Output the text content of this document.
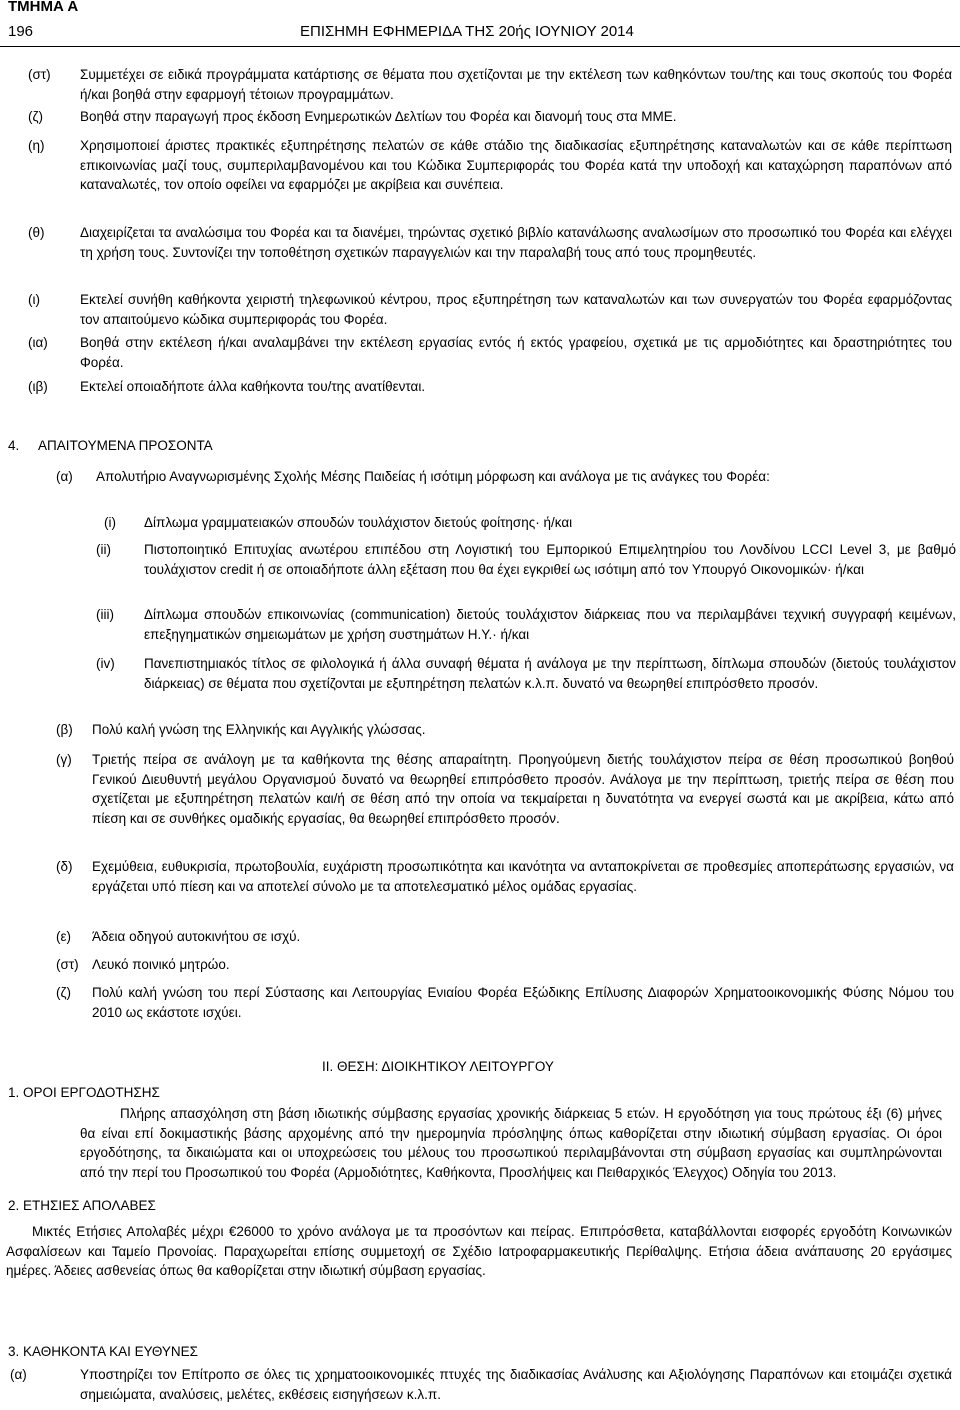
ΤΜΗΜΑ Α
196	ΕΠΙΣΗΜΗ ΕΦΗΜΕΡΙΔΑ ΤΗΣ 20ής ΙΟΥΝΙΟΥ 2014
(στ) Συμμετέχει σε ειδικά προγράμματα κατάρτισης σε θέματα που σχετίζονται με την εκτέλεση των καθηκόντων του/της και τους σκοπούς του Φορέα ή/και βοηθά στην εφαρμογή τέτοιων προγραμμάτων.

(ζ)	Βοηθά στην παραγωγή προς έκδοση Ενημερωτικών Δελτίων του Φορέα και διανομή τους στα ΜΜΕ.

(η)	Χρησιμοποιεί άριστες πρακτικές εξυπηρέτησης πελατών σε κάθε στάδιο της διαδικασίας εξυπηρέτησης καταναλωτών και σε κάθε περίπτωση επικοινωνίας μαζί τους, συμπεριλαμβανομένου και του Κώδικα Συμπεριφοράς του Φορέα κατά την υποδοχή και καταχώρηση παραπόνων από καταναλωτές, τον οποίο οφείλει να εφαρμόζει με ακρίβεια και συνέπεια.

(θ)	Διαχειρίζεται τα αναλώσιμα του Φορέα και τα διανέμει, τηρώντας σχετικό βιβλίο κατανάλωσης αναλωσίμων στο προσωπικό του Φορέα και ελέγχει τη χρήση τους. Συντονίζει την τοποθέτηση σχετικών παραγγελιών και την παραλαβή τους από τους προμηθευτές.

(ι)	Εκτελεί συνήθη καθήκοντα χειριστή τηλεφωνικού κέντρου, προς εξυπηρέτηση των καταναλωτών και των συνεργατών του Φορέα εφαρμόζοντας τον απαιτούμενο κώδικα συμπεριφοράς του Φορέα.

(ια) Βοηθά στην εκτέλεση ή/και αναλαμβάνει την εκτέλεση εργασίας εντός ή εκτός γραφείου, σχετικά με τις αρμοδιότητες και δραστηριότητες του Φορέα.

(ιβ) Εκτελεί οποιαδήποτε άλλα καθήκοντα του/της ανατίθενται.

4. ΑΠΑΙΤΟΥΜΕΝΑ ΠΡΟΣΟΝΤΑ
(α) Απολυτήριο Αναγνωρισμένης Σχολής Μέσης Παιδείας ή ισότιμη μόρφωση και ανάλογα με τις ανάγκες του Φορέα:

(i) Δίπλωμα γραμματειακών σπουδών τουλάχιστον διετούς φοίτησης· ή/και

(ii) Πιστοποιητικό Επιτυχίας ανωτέρου επιπέδου στη Λογιστική του Εμπορικού Επιμελητηρίου του Λονδίνου LCCI Level 3, με βαθμό τουλάχιστον credit ή σε οποιαδήποτε άλλη εξέταση που θα έχει εγκριθεί ως ισότιμη από τον Υπουργό Οικονομικών· ή/και

(iii) Δίπλωμα σπουδών επικοινωνίας (communication) διετούς τουλάχιστον διάρκειας που να περιλαμβάνει τεχνική συγγραφή κειμένων, επεξηγηματικών σημειωμάτων με χρήση συστημάτων Η.Υ.· ή/και

(iv) Πανεπιστημιακός τίτλος σε φιλολογικά ή άλλα συναφή θέματα ή ανάλογα με την περίπτωση, δίπλωμα σπουδών (διετούς τουλάχιστον διάρκειας) σε θέματα που σχετίζονται με εξυπηρέτηση πελατών κ.λ.π. δυνατό να θεωρηθεί επιπρόσθετο προσόν.

(β) Πολύ καλή γνώση της Ελληνικής και Αγγλικής γλώσσας.

(γ) Τριετής πείρα σε ανάλογη με τα καθήκοντα της θέσης απαραίτητη. Προηγούμενη διετής τουλάχιστον πείρα σε θέση προσωπικού βοηθού Γενικού Διευθυντή μεγάλου Οργανισμού δυνατό να θεωρηθεί επιπρόσθετο προσόν. Ανάλογα με την περίπτωση, τριετής πείρα σε θέση που σχετίζεται με εξυπηρέτηση πελατών και/ή σε θέση από την οποία να τεκμαίρεται η δυνατότητα να ενεργεί σωστά και με ακρίβεια, κάτω από πίεση και σε συνθήκες ομαδικής εργασίας, θα θεωρηθεί επιπρόσθετο προσόν.

(δ) Εχεμύθεια, ευθυκρισία, πρωτοβουλία, ευχάριστη προσωπικότητα και ικανότητα να ανταποκρίνεται σε προθεσμίες αποπεράτωσης εργασιών, να εργάζεται υπό πίεση και να αποτελεί σύνολο με τα αποτελεσματικό μέλος ομάδας εργασίας.

(ε) Άδεια οδηγού αυτοκινήτου σε ισχύ.

(στ) Λευκό ποινικό μητρώο.

(ζ) Πολύ καλή γνώση του περί Σύστασης και Λειτουργίας Ενιαίου Φορέα Εξώδικης Επίλυσης Διαφορών Χρηματοοικονομικής Φύσης Νόμου του 2010 ως εκάστοτε ισχύει.

ΙΙ. ΘΕΣΗ: ΔΙΟΙΚΗΤΙΚΟΥ ΛΕΙΤΟΥΡΓΟΥ
1. ΟΡΟΙ ΕΡΓΟΔΟΤΗΣΗΣ

Πλήρης απασχόληση στη βάση ιδιωτικής σύμβασης εργασίας χρονικής διάρκειας 5 ετών. Η εργοδότηση για τους πρώτους έξι (6) μήνες θα είναι επί δοκιμαστικής βάσης αρχομένης από την ημερομηνία πρόσληψης όπως καθορίζεται στην ιδιωτική σύμβαση εργασίας. Οι όροι εργοδότησης, τα δικαιώματα και οι υποχρεώσεις του μέλους του προσωπικού περιλαμβάνονται στη σύμβαση εργασίας και συμπληρώνονται από την περί του Προσωπικού του Φορέα (Αρμοδιότητες, Καθήκοντα, Προσλήψεις και Πειθαρχικός Έλεγχος) Οδηγία του 2013.

2. ΕΤΗΣΙΕΣ ΑΠΟΛΑΒΕΣ

Μικτές Ετήσιες Απολαβές μέχρι €26000 το χρόνο ανάλογα με τα προσόντων και πείρας. Επιπρόσθετα, καταβάλλονται εισφορές εργοδότη Κοινωνικών Ασφαλίσεων και Ταμείο Προνοίας. Παραχωρείται επίσης συμμετοχή σε Σχέδιο Ιατροφαρμακευτικής Περίθαλψης. Ετήσια άδεια ανάπαυσης 20 εργάσιμες ημέρες. Άδειες ασθενείας όπως θα καθορίζεται στην ιδιωτική σύμβαση εργασίας.

3. ΚΑΘΗΚΟΝΤΑ ΚΑΙ ΕΥΘΥΝΕΣ
(α)	Υποστηρίζει τον Επίτροπο σε όλες τις χρηματοοικονομικές πτυχές της διαδικασίας Ανάλυσης και Αξιολόγησης Παραπόνων και ετοιμάζει σχετικά σημειώματα, αναλύσεις, μελέτες, εκθέσεις εισηγήσεων κ.λ.π.
